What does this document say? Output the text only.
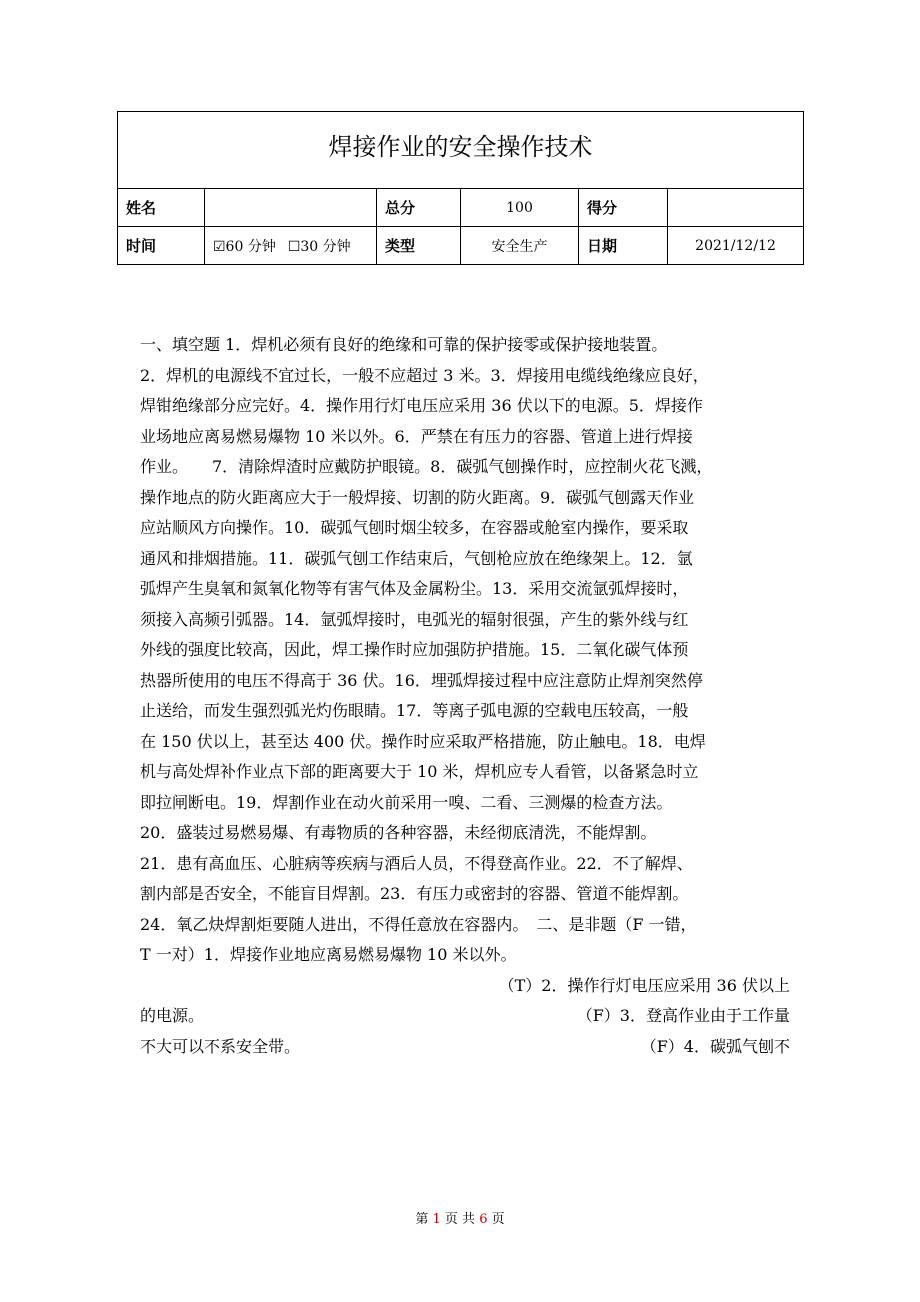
焊接作业的安全操作技术					
姓名		总分	100	得分	
时间	☑60 分钟 ☐30 分钟	类型	安全生产	日期	2021/12/12

一、填空题 1．焊机必须有良好的绝缘和可靠的保护接零或保护接地装置。

2．焊机的电源线不宜过长，一般不应超过 3 米。3．焊接用电缆线绝缘应良好，

焊钳绝缘部分应完好。4．操作用行灯电压应采用 36 伏以下的电源。5．焊接作

业场地应离易燃易爆物 10 米以外。6．严禁在有压力的容器、管道上进行焊接

作业。　　7．清除焊渣时应戴防护眼镜。8．碳弧气刨操作时，应控制火花飞溅，

操作地点的防火距离应大于一般焊接、切割的防火距离。9．碳弧气刨露天作业

应站顺风方向操作。10．碳弧气刨时烟尘较多，在容器或舱室内操作，要采取

通风和排烟措施。11．碳弧气刨工作结束后，气刨枪应放在绝缘架上。12．氩

弧焊产生臭氧和氮氧化物等有害气体及金属粉尘。13．采用交流氩弧焊接时，

须接入高频引弧器。14．氩弧焊接时，电弧光的辐射很强，产生的紫外线与红

外线的强度比较高，因此，焊工操作时应加强防护措施。15．二氧化碳气体预

热器所使用的电压不得高于 36 伏。16．埋弧焊接过程中应注意防止焊剂突然停

止送给，而发生强烈弧光灼伤眼睛。17．等离子弧电源的空载电压较高，一般

在 150 伏以上，甚至达 400 伏。操作时应采取严格措施，防止触电。18．电焊

机与高处焊补作业点下部的距离要大于 10 米，焊机应专人看管，以备紧急时立

即拉闸断电。19．焊割作业在动火前采用一嗅、二看、三测爆的检查方法。

20．盛装过易燃易爆、有毒物质的各种容器，未经彻底清洗，不能焊割。

21．患有高血压、心脏病等疾病与酒后人员，不得登高作业。22．不了解焊、

割内部是否安全，不能盲目焊割。23．有压力或密封的容器、管道不能焊割。

24．氧乙炔焊割炬要随人进出，不得任意放在容器内。　二、是非题（F 一错，

T 一对）1．焊接作业地应离易燃易爆物 10 米以外。

（T）2．操作行灯电压应采用 36 伏以上

的电源。	（F）3．登高作业由于工作量

不大可以不系安全带。	（F）4．碳弧气刨不

第 1 页 共 6 页
